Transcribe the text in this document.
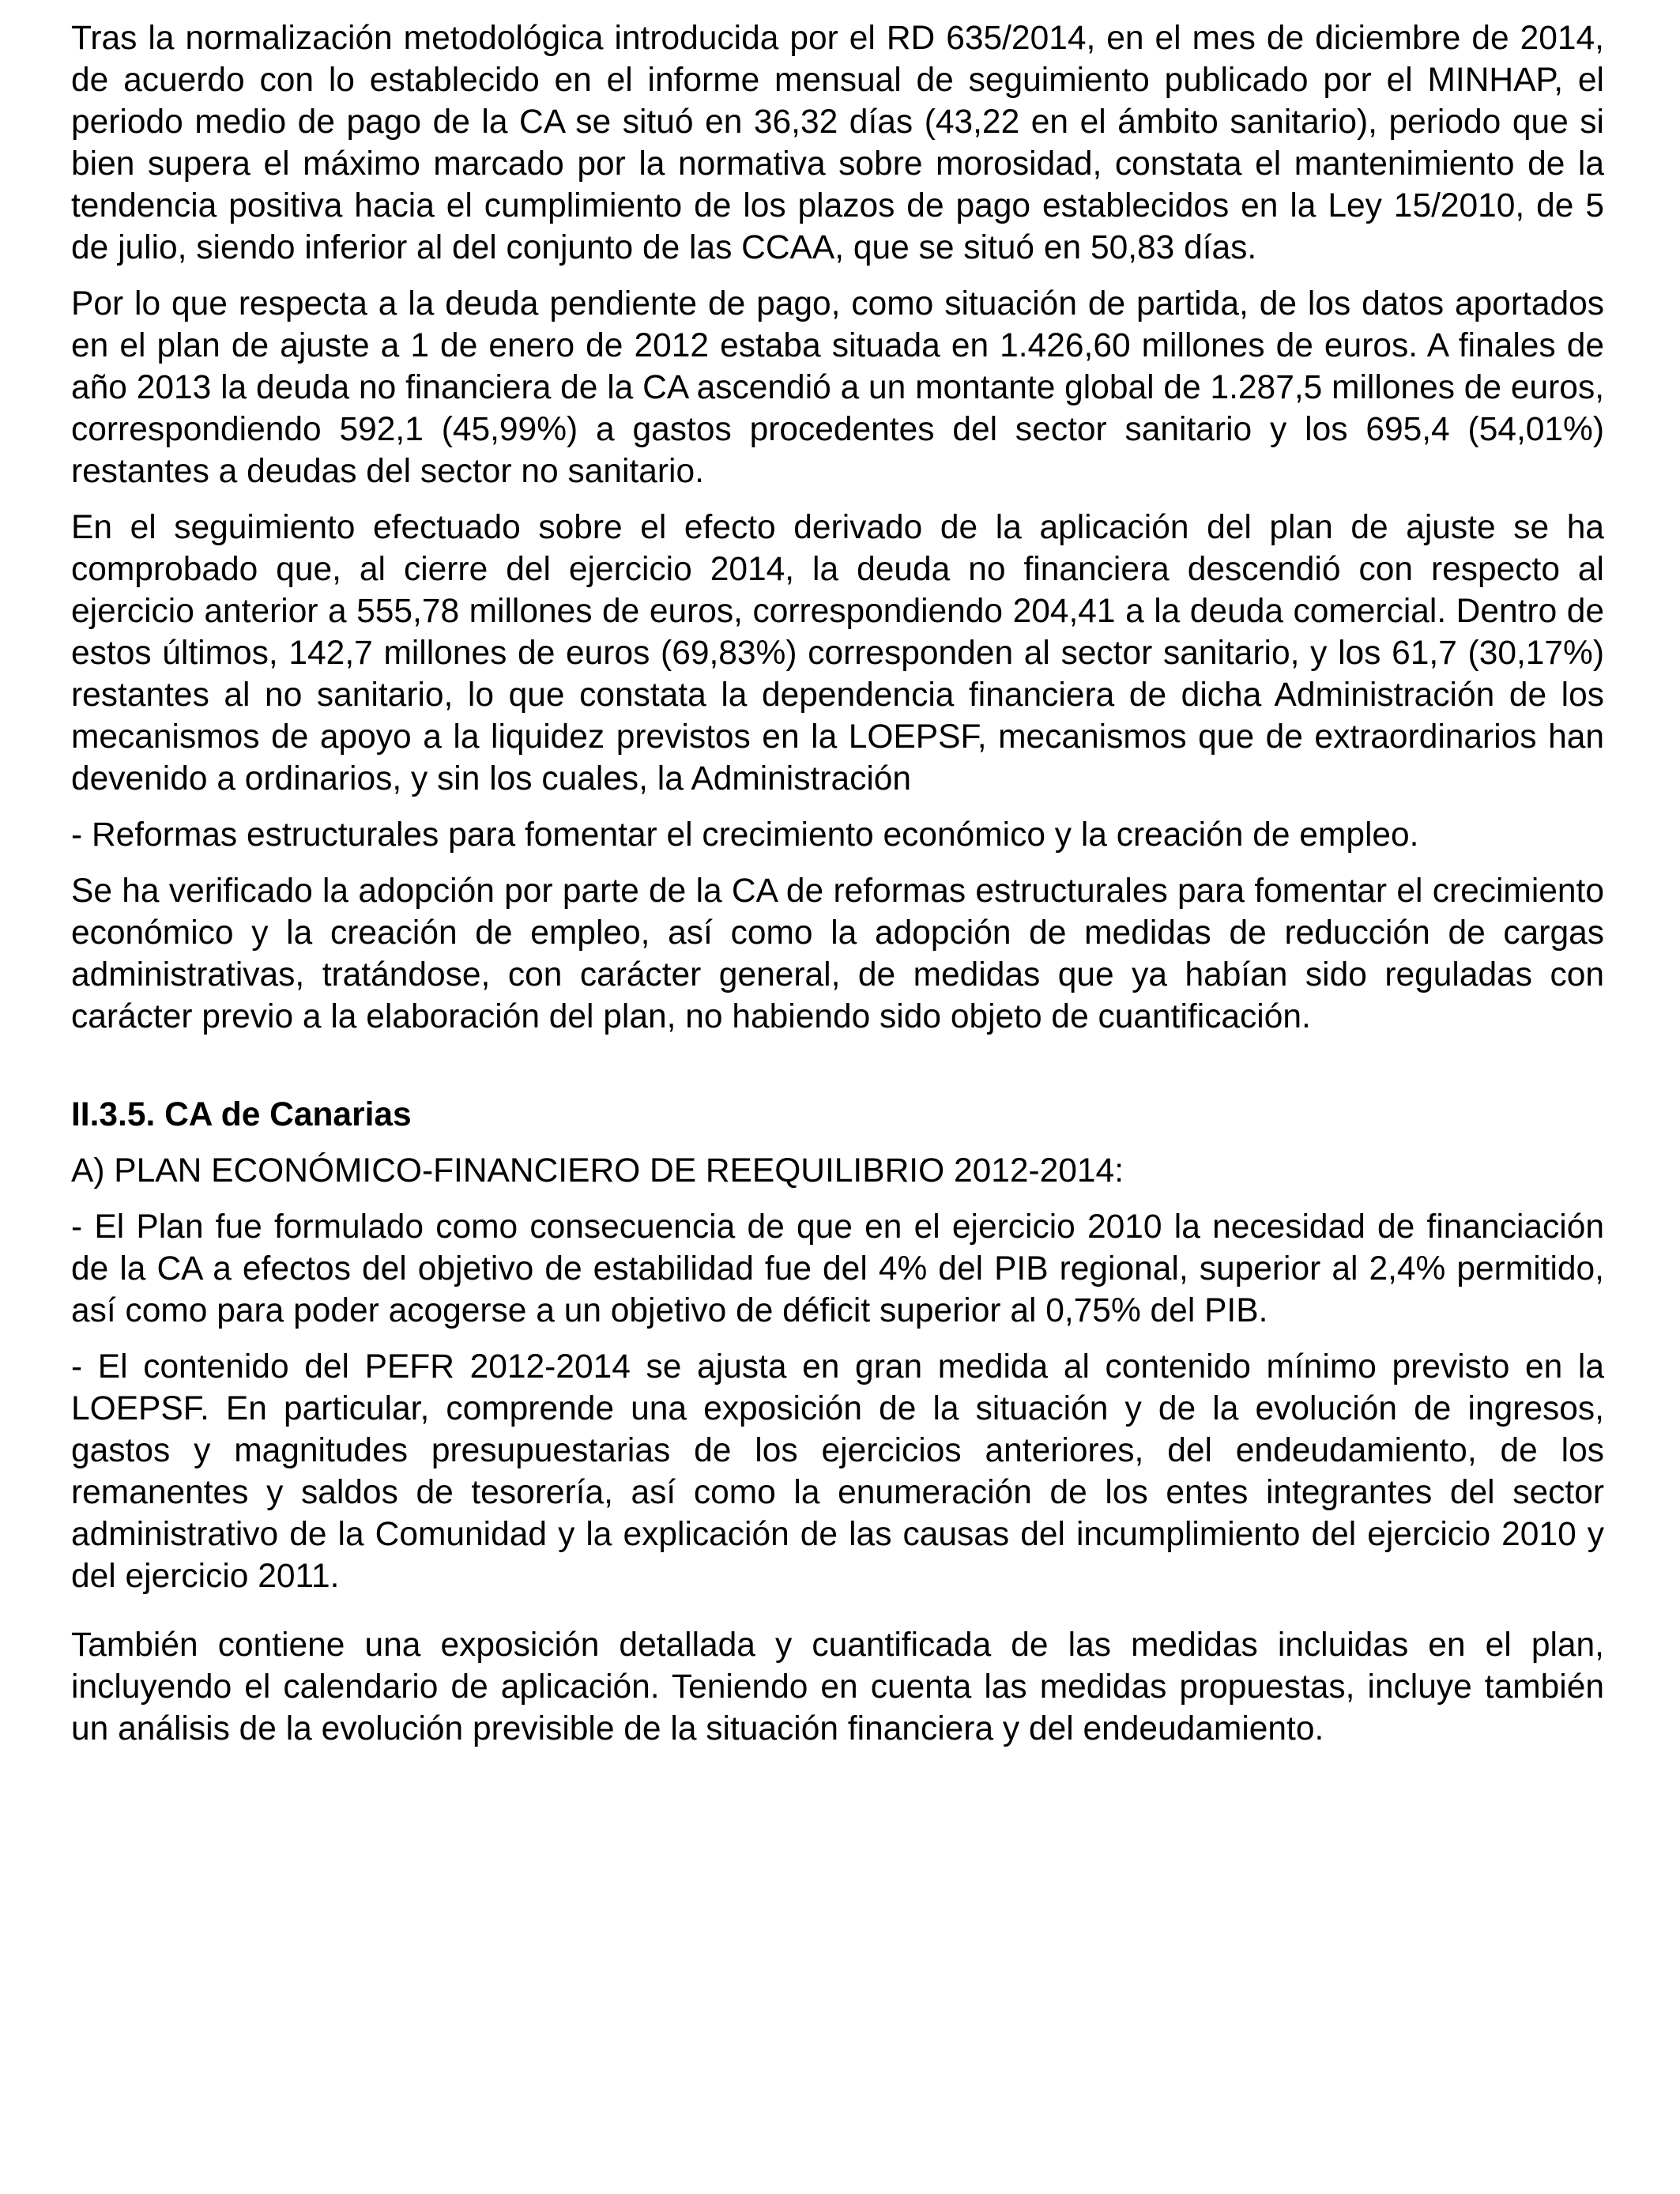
Tras la normalización metodológica introducida por el RD 635/2014, en el mes de diciembre de 2014, de acuerdo con lo establecido en el informe mensual de seguimiento publicado por el MINHAP, el periodo medio de pago de la CA se situó en 36,32 días (43,22 en el ámbito sanitario), periodo que si bien supera el máximo marcado por la normativa sobre morosidad, constata el mantenimiento de la tendencia positiva hacia el cumplimiento de los plazos de pago establecidos en la Ley 15/2010, de 5 de julio, siendo inferior al del conjunto de las CCAA, que se situó en 50,83 días.

Por lo que respecta a la deuda pendiente de pago, como situación de partida, de los datos aportados en el plan de ajuste a 1 de enero de 2012 estaba situada en 1.426,60 millones de euros. A finales de año 2013 la deuda no financiera de la CA ascendió a un montante global de 1.287,5 millones de euros, correspondiendo 592,1 (45,99%) a gastos procedentes del sector sanitario y los 695,4 (54,01%) restantes a deudas del sector no sanitario.

En el seguimiento efectuado sobre el efecto derivado de la aplicación del plan de ajuste se ha comprobado que, al cierre del ejercicio 2014, la deuda no financiera descendió con respecto al ejercicio anterior a 555,78 millones de euros, correspondiendo 204,41 a la deuda comercial. Dentro de estos últimos, 142,7 millones de euros (69,83%) corresponden al sector sanitario, y los 61,7 (30,17%) restantes al no sanitario, lo que constata la dependencia financiera de dicha Administración de los mecanismos de apoyo a la liquidez previstos en la LOEPSF, mecanismos que de extraordinarios han devenido a ordinarios, y sin los cuales, la Administración

- Reformas estructurales para fomentar el crecimiento económico y la creación de empleo.

Se ha verificado la adopción por parte de la CA de reformas estructurales para fomentar el crecimiento económico y la creación de empleo, así como la adopción de medidas de reducción de cargas administrativas, tratándose, con carácter general, de medidas que ya habían sido reguladas con carácter previo a la elaboración del plan, no habiendo sido objeto de cuantificación.

II.3.5. CA de Canarias

A) PLAN ECONÓMICO-FINANCIERO DE REEQUILIBRIO 2012-2014:

- El Plan fue formulado como consecuencia de que en el ejercicio 2010 la necesidad de financiación de la CA a efectos del objetivo de estabilidad fue del 4% del PIB regional, superior al 2,4% permitido, así como para poder acogerse a un objetivo de déficit superior al 0,75% del PIB.

- El contenido del PEFR 2012-2014 se ajusta en gran medida al contenido mínimo previsto en la LOEPSF. En particular, comprende una exposición de la situación y de la evolución de ingresos, gastos y magnitudes presupuestarias de los ejercicios anteriores, del endeudamiento, de los remanentes y saldos de tesorería, así como la enumeración de los entes integrantes del sector administrativo de la Comunidad y la explicación de las causas del incumplimiento del ejercicio 2010 y del ejercicio 2011.

También contiene una exposición detallada y cuantificada de las medidas incluidas en el plan, incluyendo el calendario de aplicación. Teniendo en cuenta las medidas propuestas, incluye también un análisis de la evolución previsible de la situación financiera y del endeudamiento.
